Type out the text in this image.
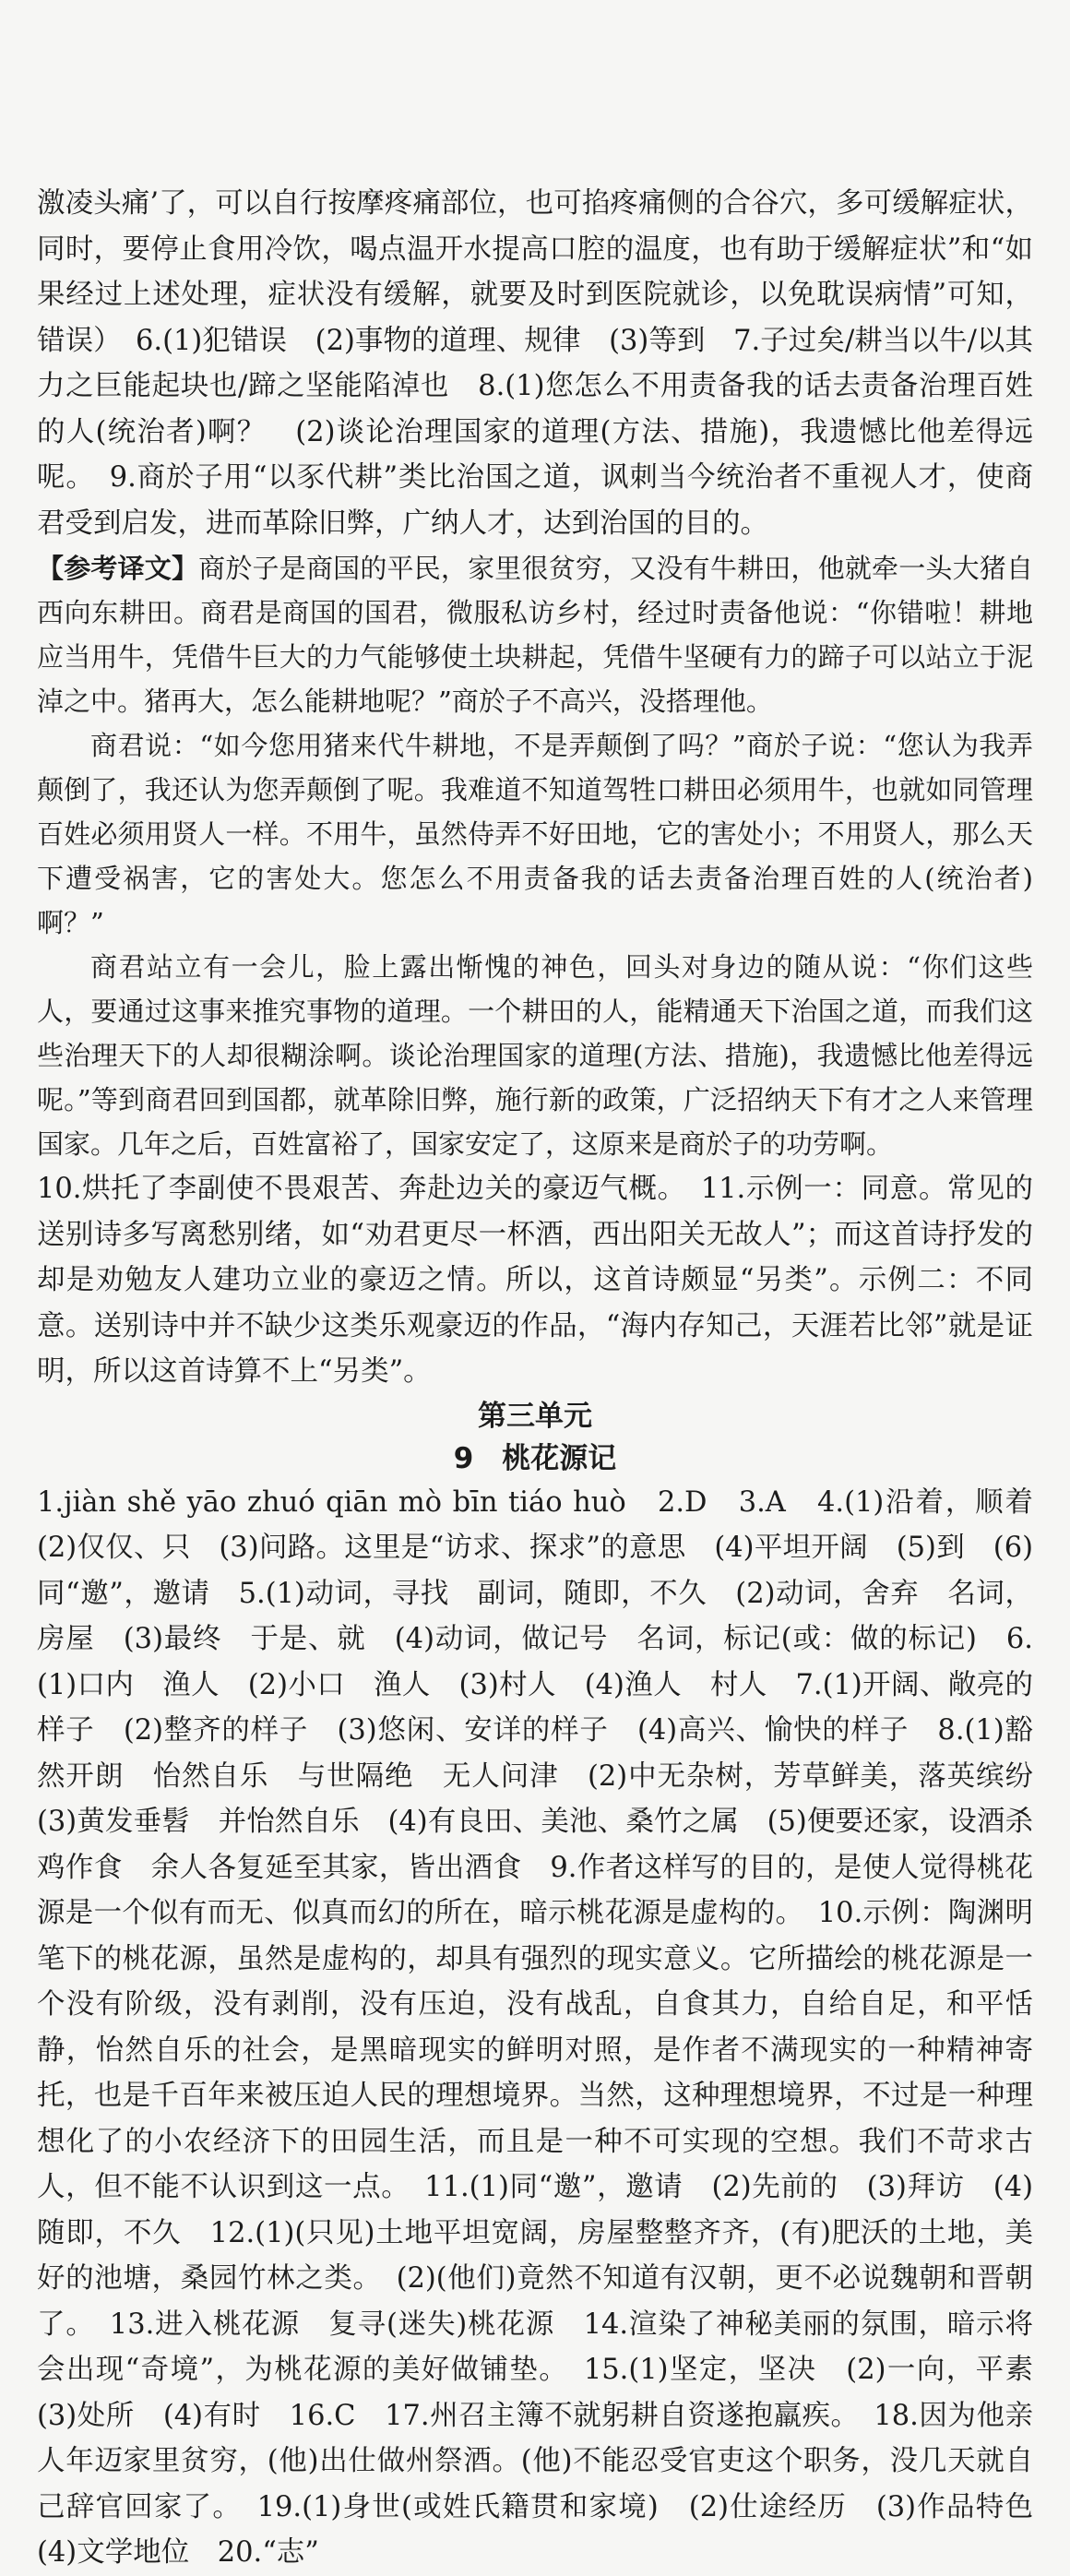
激凌头痛’了，可以自行按摩疼痛部位，也可掐疼痛侧的合谷穴，多可缓解症状，同时，要停止食用冷饮，喝点温开水提高口腔的温度，也有助于缓解症状”和“如果经过上述处理，症状没有缓解，就要及时到医院就诊，以免耽误病情”可知，错误）　6.(1)犯错误　(2)事物的道理、规律　(3)等到　7.子过矣/耕当以牛/以其力之巨能起块也/蹄之坚能陷淖也　8.(1)您怎么不用责备我的话去责备治理百姓的人(统治者)啊？　(2)谈论治理国家的道理(方法、措施)，我遗憾比他差得远呢。　9.商於子用“以豕代耕”类比治国之道，讽刺当今统治者不重视人才，使商君受到启发，进而革除旧弊，广纳人才，达到治国的目的。

【参考译文】商於子是商国的平民，家里很贫穷，又没有牛耕田，他就牵一头大猪自西向东耕田。商君是商国的国君，微服私访乡村，经过时责备他说：“你错啦！耕地应当用牛，凭借牛巨大的力气能够使土块耕起，凭借牛坚硬有力的蹄子可以站立于泥淖之中。猪再大，怎么能耕地呢？”商於子不高兴，没搭理他。

商君说：“如今您用猪来代牛耕地，不是弄颠倒了吗？”商於子说：“您认为我弄颠倒了，我还认为您弄颠倒了呢。我难道不知道驾牲口耕田必须用牛，也就如同管理百姓必须用贤人一样。不用牛，虽然侍弄不好田地，它的害处小；不用贤人，那么天下遭受祸害，它的害处大。您怎么不用责备我的话去责备治理百姓的人(统治者)啊？”

商君站立有一会儿，脸上露出惭愧的神色，回头对身边的随从说：“你们这些人，要通过这事来推究事物的道理。一个耕田的人，能精通天下治国之道，而我们这些治理天下的人却很糊涂啊。谈论治理国家的道理(方法、措施)，我遗憾比他差得远呢。”等到商君回到国都，就革除旧弊，施行新的政策，广泛招纳天下有才之人来管理国家。几年之后，百姓富裕了，国家安定了，这原来是商於子的功劳啊。

10.烘托了李副使不畏艰苦、奔赴边关的豪迈气概。　11.示例一：同意。常见的送别诗多写离愁别绪，如“劝君更尽一杯酒，西出阳关无故人”；而这首诗抒发的却是劝勉友人建功立业的豪迈之情。所以，这首诗颇显“另类”。示例二：不同意。送别诗中并不缺少这类乐观豪迈的作品，“海内存知己，天涯若比邻”就是证明，所以这首诗算不上“另类”。

第三单元

9　桃花源记

1.jiàn shě yāo zhuó qiān mò bīn tiáo huò　2.D　3.A　4.(1)沿着，顺着　(2)仅仅、只　(3)问路。这里是“访求、探求”的意思　(4)平坦开阔　(5)到　(6)同“邀”，邀请　5.(1)动词，寻找　副词，随即，不久　(2)动词，舍弃　名词，房屋　(3)最终　于是、就　(4)动词，做记号　名词，标记(或：做的标记)　6.(1)口内　渔人　(2)小口　渔人　(3)村人　(4)渔人　村人　7.(1)开阔、敞亮的样子　(2)整齐的样子　(3)悠闲、安详的样子　(4)高兴、愉快的样子　8.(1)豁然开朗　怡然自乐　与世隔绝　无人问津　(2)中无杂树，芳草鲜美，落英缤纷　(3)黄发垂髫　并怡然自乐　(4)有良田、美池、桑竹之属　(5)便要还家，设酒杀鸡作食　余人各复延至其家，皆出酒食　9.作者这样写的目的，是使人觉得桃花源是一个似有而无、似真而幻的所在，暗示桃花源是虚构的。　10.示例：陶渊明笔下的桃花源，虽然是虚构的，却具有强烈的现实意义。它所描绘的桃花源是一个没有阶级，没有剥削，没有压迫，没有战乱，自食其力，自给自足，和平恬静，怡然自乐的社会，是黑暗现实的鲜明对照，是作者不满现实的一种精神寄托，也是千百年来被压迫人民的理想境界。当然，这种理想境界，不过是一种理想化了的小农经济下的田园生活，而且是一种不可实现的空想。我们不苛求古人，但不能不认识到这一点。　11.(1)同“邀”，邀请　(2)先前的　(3)拜访　(4)随即，不久　12.(1)(只见)土地平坦宽阔，房屋整整齐齐，(有)肥沃的土地，美好的池塘，桑园竹林之类。　(2)(他们)竟然不知道有汉朝，更不必说魏朝和晋朝了。　13.进入桃花源　复寻(迷失)桃花源　14.渲染了神秘美丽的氛围，暗示将会出现“奇境”，为桃花源的美好做铺垫。　15.(1)坚定，坚决　(2)一向，平素　(3)处所　(4)有时　16.C　17.州召主簿不就躬耕自资遂抱羸疾。　18.因为他亲人年迈家里贫穷，(他)出仕做州祭酒。(他)不能忍受官吏这个职务，没几天就自己辞官回家了。　19.(1)身世(或姓氏籍贯和家境)　(2)仕途经历　(3)作品特色　(4)文学地位　20.“志”
